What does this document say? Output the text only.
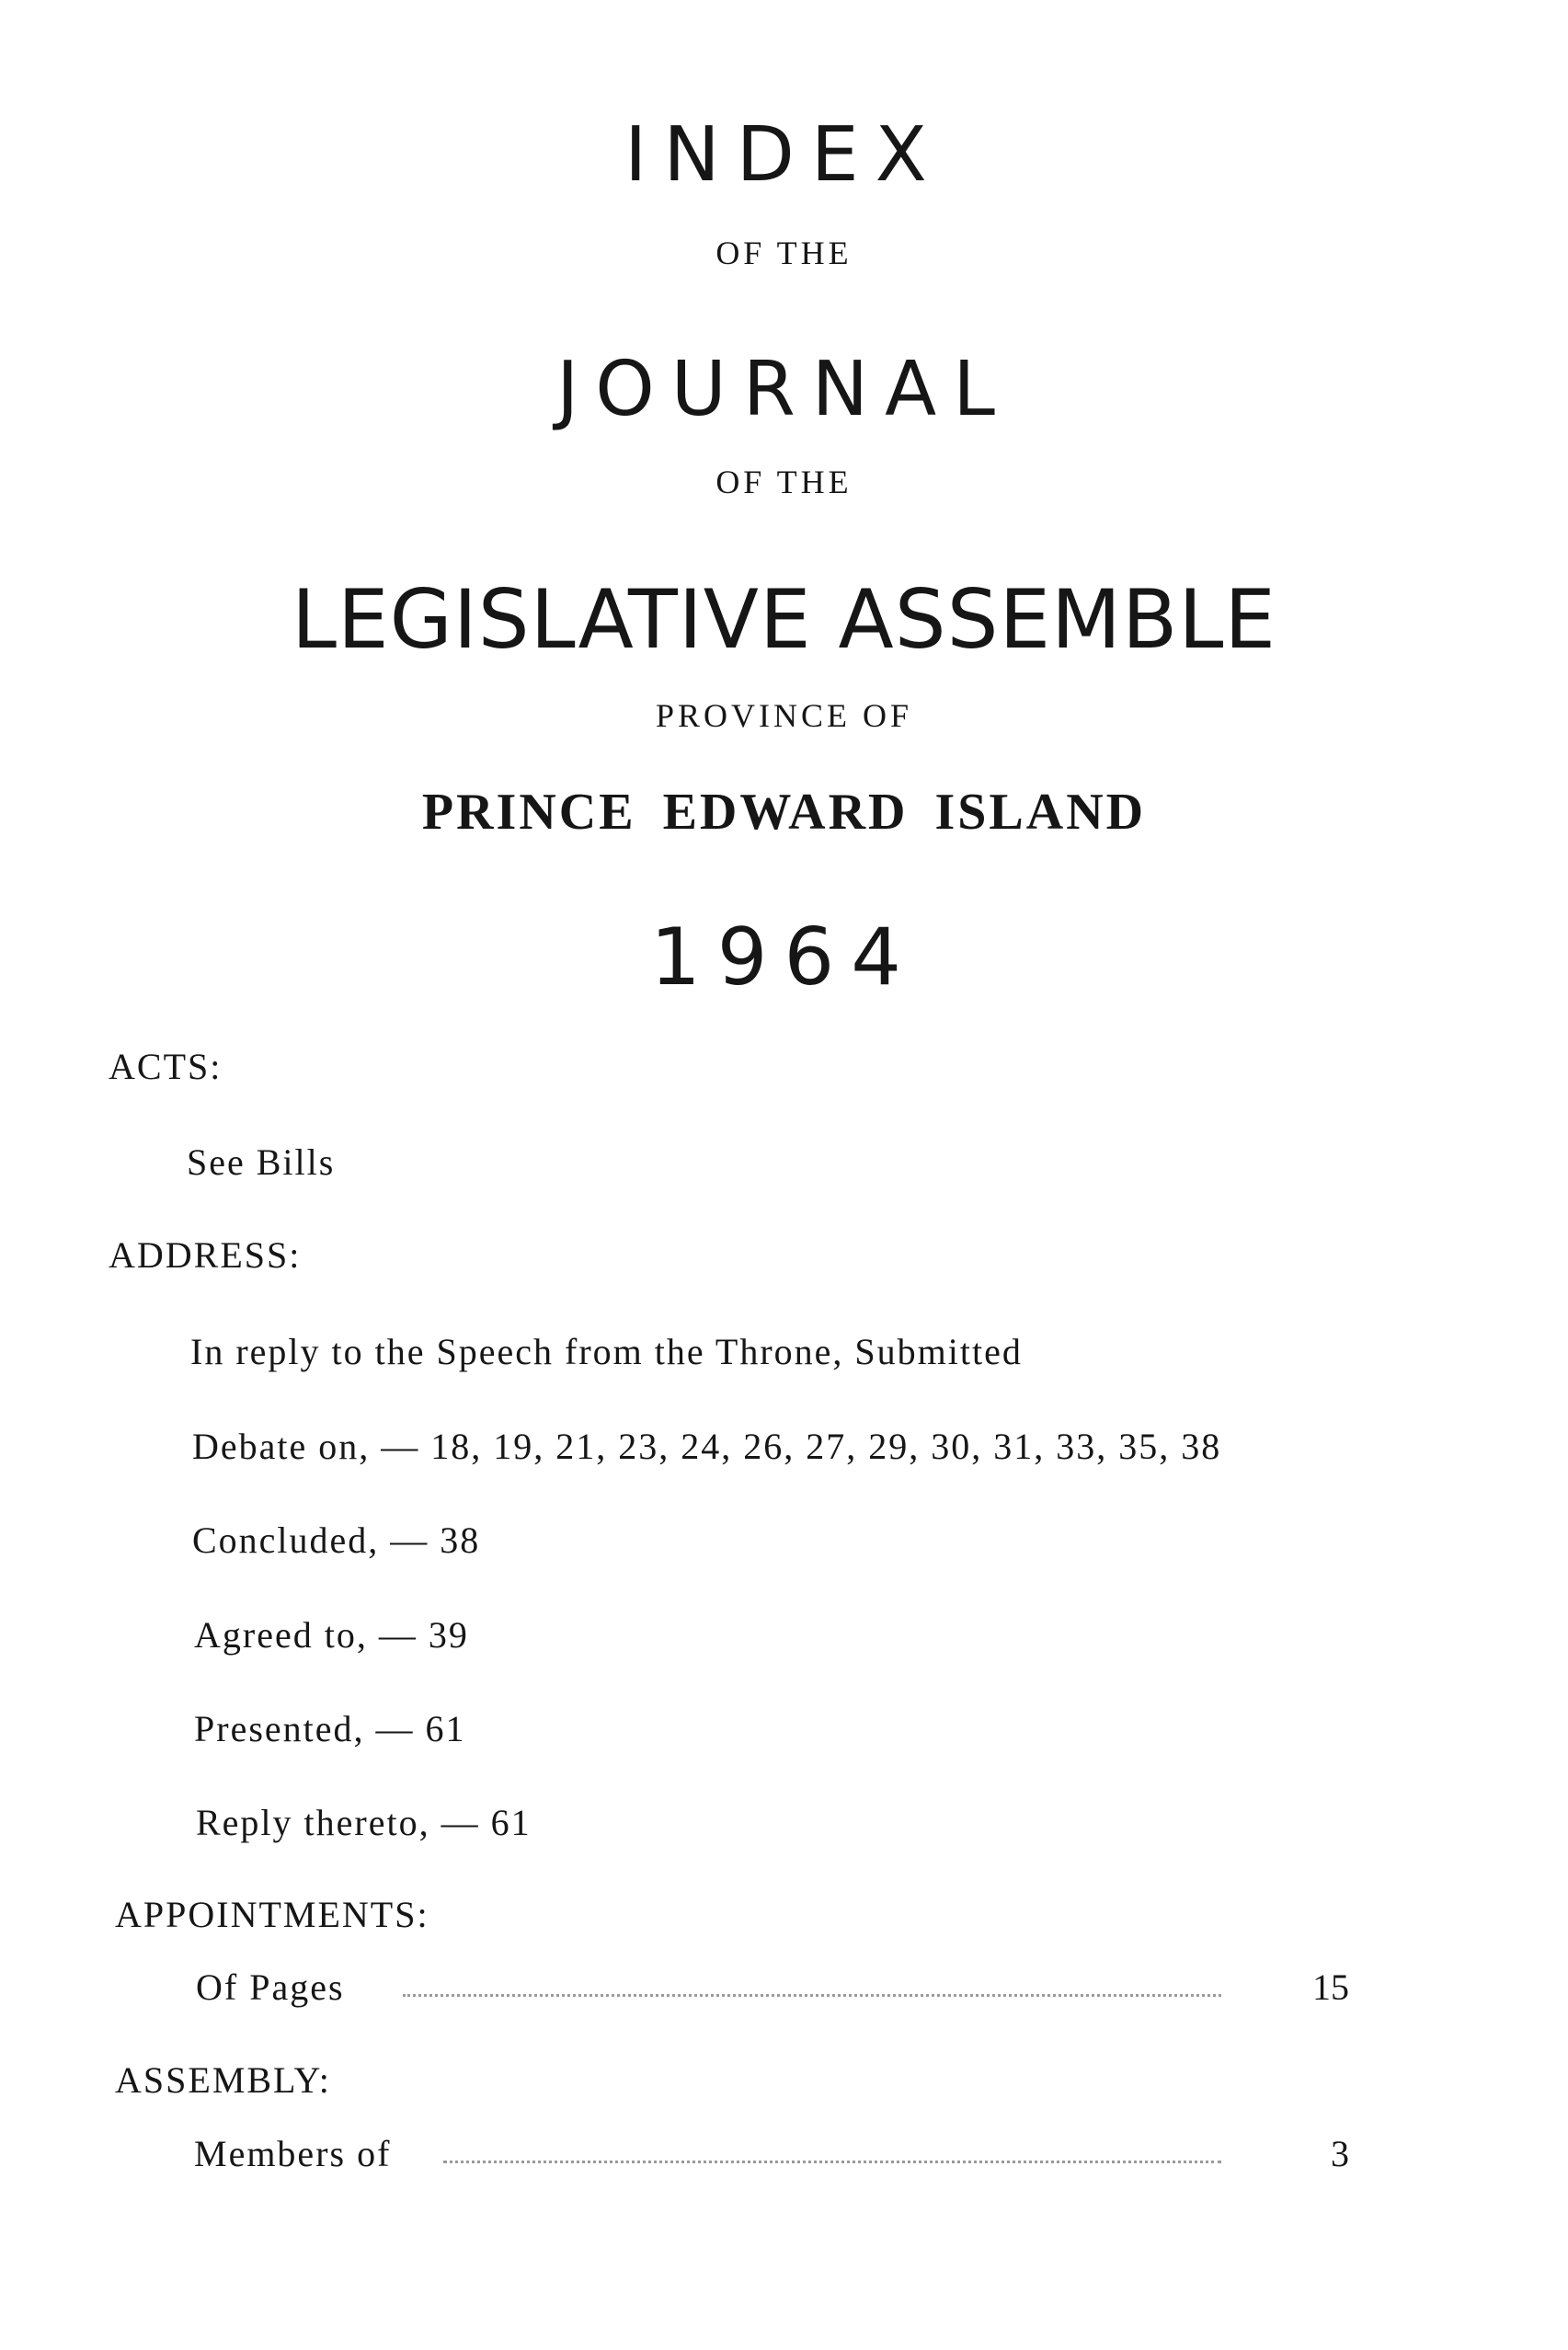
INDEX
OF THE
JOURNAL
OF THE
LEGISLATIVE ASSEMBLE
PROVINCE OF
PRINCE EDWARD ISLAND
1964
ACTS:
See Bills
ADDRESS:
In reply to the Speech from the Throne, Submitted
Debate on, — 18, 19, 21, 23, 24, 26, 27, 29, 30, 31, 33, 35, 38
Concluded, — 38
Agreed to, — 39
Presented, — 61
Reply thereto, — 61
APPOINTMENTS:
Of Pages	15
ASSEMBLY:
Members of	3
